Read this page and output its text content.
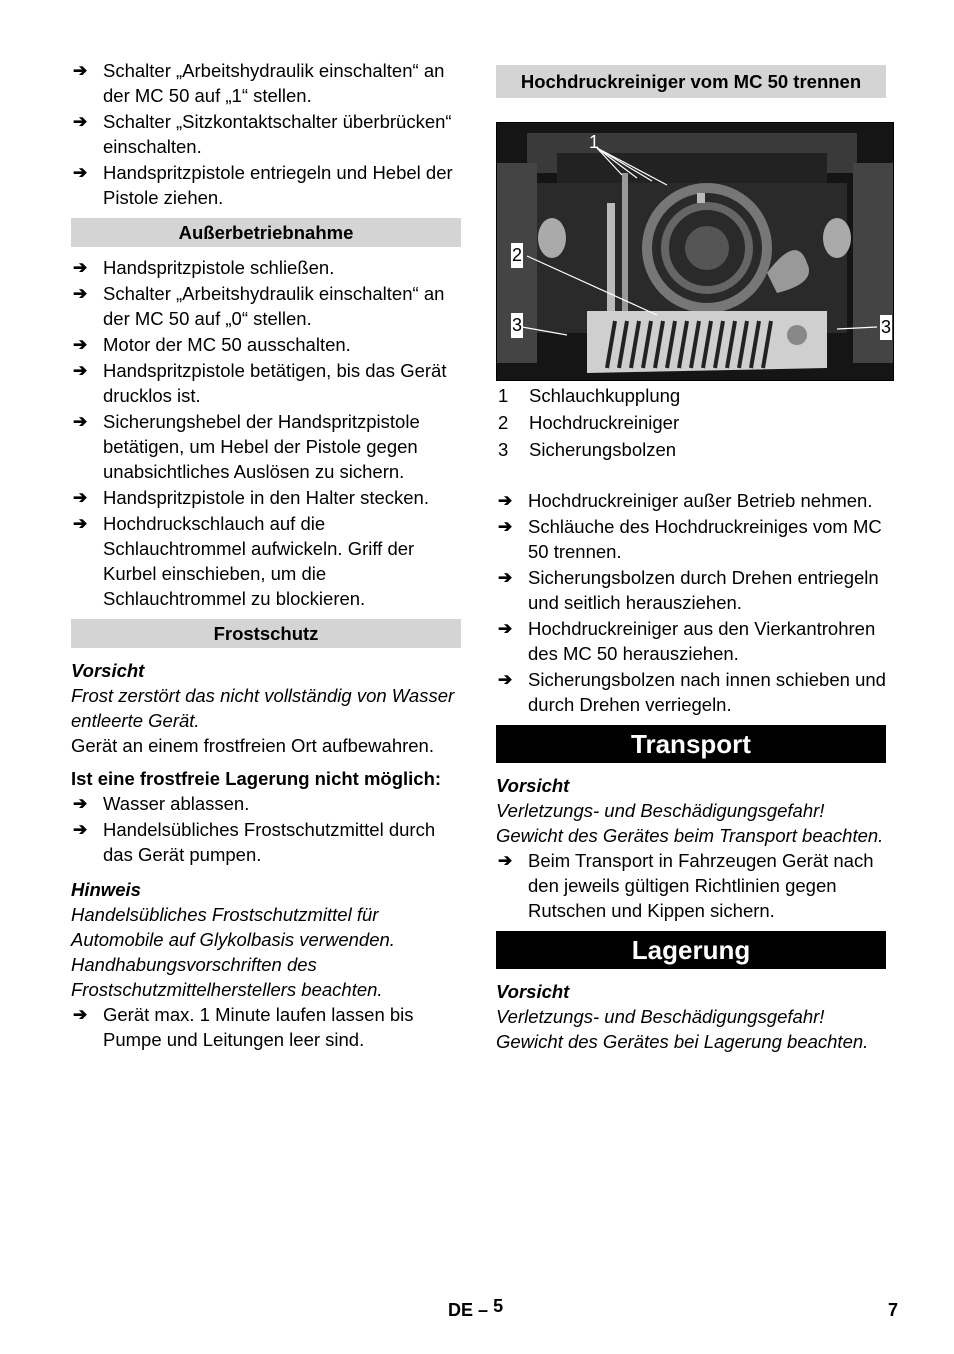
➔ Schalter „Arbeitshydraulik einschalten“ an der MC 50 auf „1“ stellen.
➔ Schalter „Sitzkontaktschalter überbrücken“ einschalten.
➔ Handspritzpistole entriegeln und Hebel der Pistole ziehen.
Außerbetriebnahme
➔ Handspritzpistole schließen.
➔ Schalter „Arbeitshydraulik einschalten“ an der MC 50 auf „0“ stellen.
➔ Motor der MC 50 ausschalten.
➔ Handspritzpistole betätigen, bis das Gerät drucklos ist.
➔ Sicherungshebel der Handspritzpistole betätigen, um Hebel der Pistole gegen unabsichtliches Auslösen zu sichern.
➔ Handspritzpistole in den Halter stecken.
➔ Hochdruckschlauch auf die Schlauchtrommel aufwickeln. Griff der Kurbel einschieben, um die Schlauchtrommel zu blockieren.
Frostschutz

Vorsicht

Frost zerstört das nicht vollständig von Wasser entleerte Gerät.

Gerät an einem frostfreien Ort aufbewahren.

Ist eine frostfreie Lagerung nicht möglich:

➔ Wasser ablassen.
➔ Handelsübliches Frostschutzmittel durch das Gerät pumpen.

Hinweis

Handelsübliches Frostschutzmittel für Automobile auf Glykolbasis verwenden. Handhabungsvorschriften des Frostschutzmittelherstellers beachten.

➔ Gerät max. 1 Minute laufen lassen bis Pumpe und Leitungen leer sind.
Hochdruckreiniger vom MC 50 trennen
1
2
3	3
1 Schlauchkupplung
2 Hochdruckreiniger
3 Sicherungsbolzen
➔ Hochdruckreiniger außer Betrieb nehmen.
➔ Schläuche des Hochdruckreiniges vom MC 50 trennen.
➔ Sicherungsbolzen durch Drehen entriegeln und seitlich herausziehen.
➔ Hochdruckreiniger aus den Vierkantrohren des MC 50 herausziehen.
➔ Sicherungsbolzen nach innen schieben und durch Drehen verriegeln.
Transport

Vorsicht

Verletzungs- und Beschädigungsgefahr! Gewicht des Gerätes beim Transport beachten.

➔ Beim Transport in Fahrzeugen Gerät nach den jeweils gültigen Richtlinien gegen Rutschen und Kippen sichern.
Lagerung

Vorsicht

Verletzungs- und Beschädigungsgefahr! Gewicht des Gerätes bei Lagerung beachten.

DE – 5	7
